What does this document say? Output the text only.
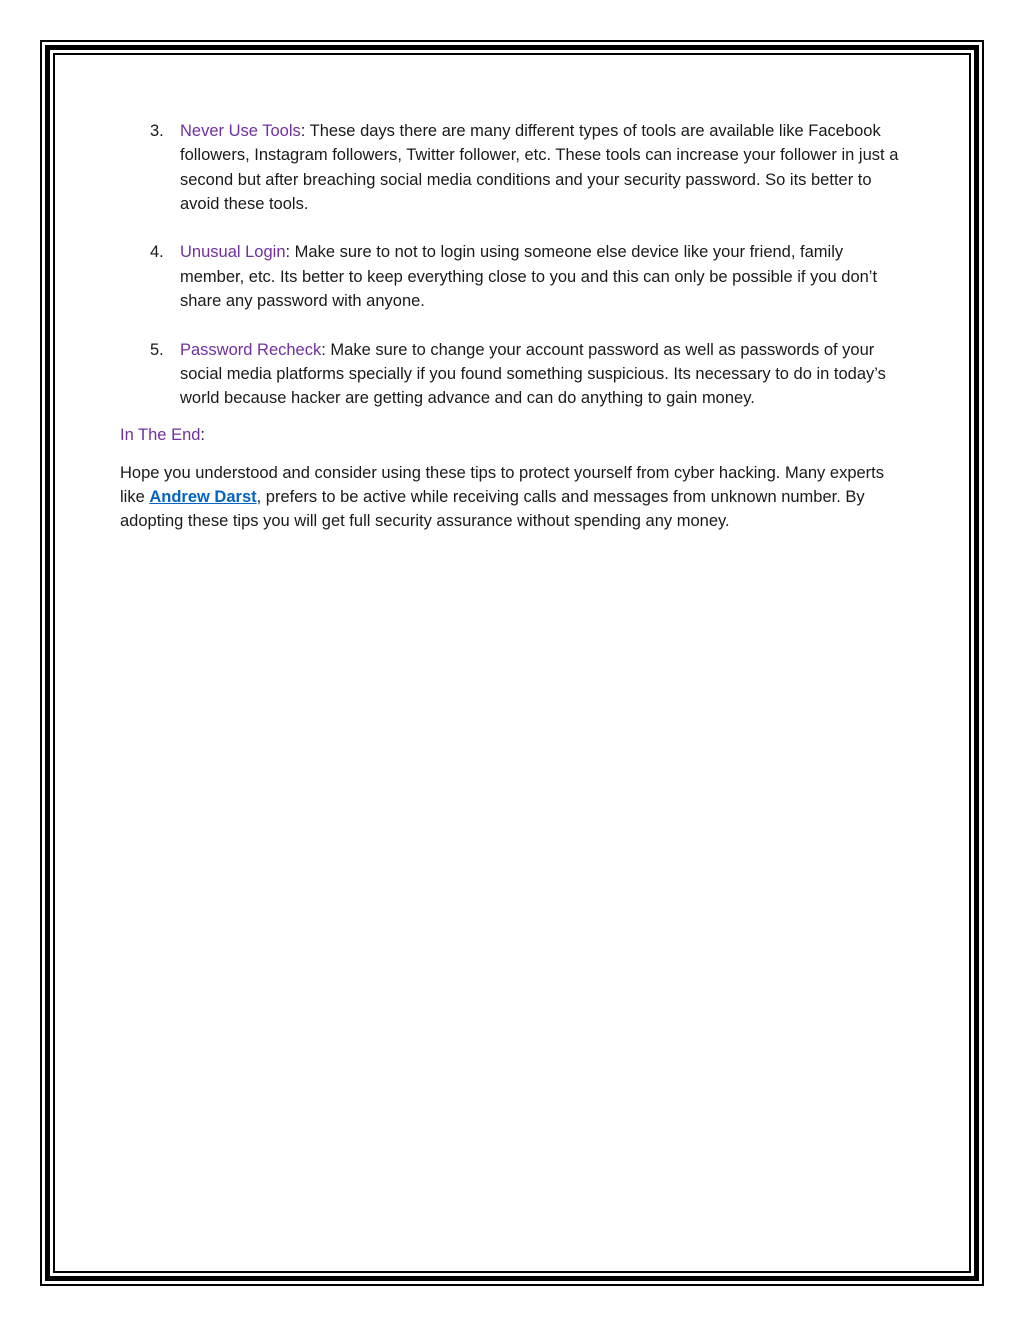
3. Never Use Tools: These days there are many different types of tools are available like Facebook followers, Instagram followers, Twitter follower, etc. These tools can increase your follower in just a second but after breaching social media conditions and your security password. So its better to avoid these tools.
4. Unusual Login: Make sure to not to login using someone else device like your friend, family member, etc. Its better to keep everything close to you and this can only be possible if you don’t share any password with anyone.
5. Password Recheck: Make sure to change your account password as well as passwords of your social media platforms specially if you found something suspicious. Its necessary to do in today’s world because hacker are getting advance and can do anything to gain money.

In The End:

Hope you understood and consider using these tips to protect yourself from cyber hacking. Many experts like Andrew Darst, prefers to be active while receiving calls and messages from unknown number. By adopting these tips you will get full security assurance without spending any money.
